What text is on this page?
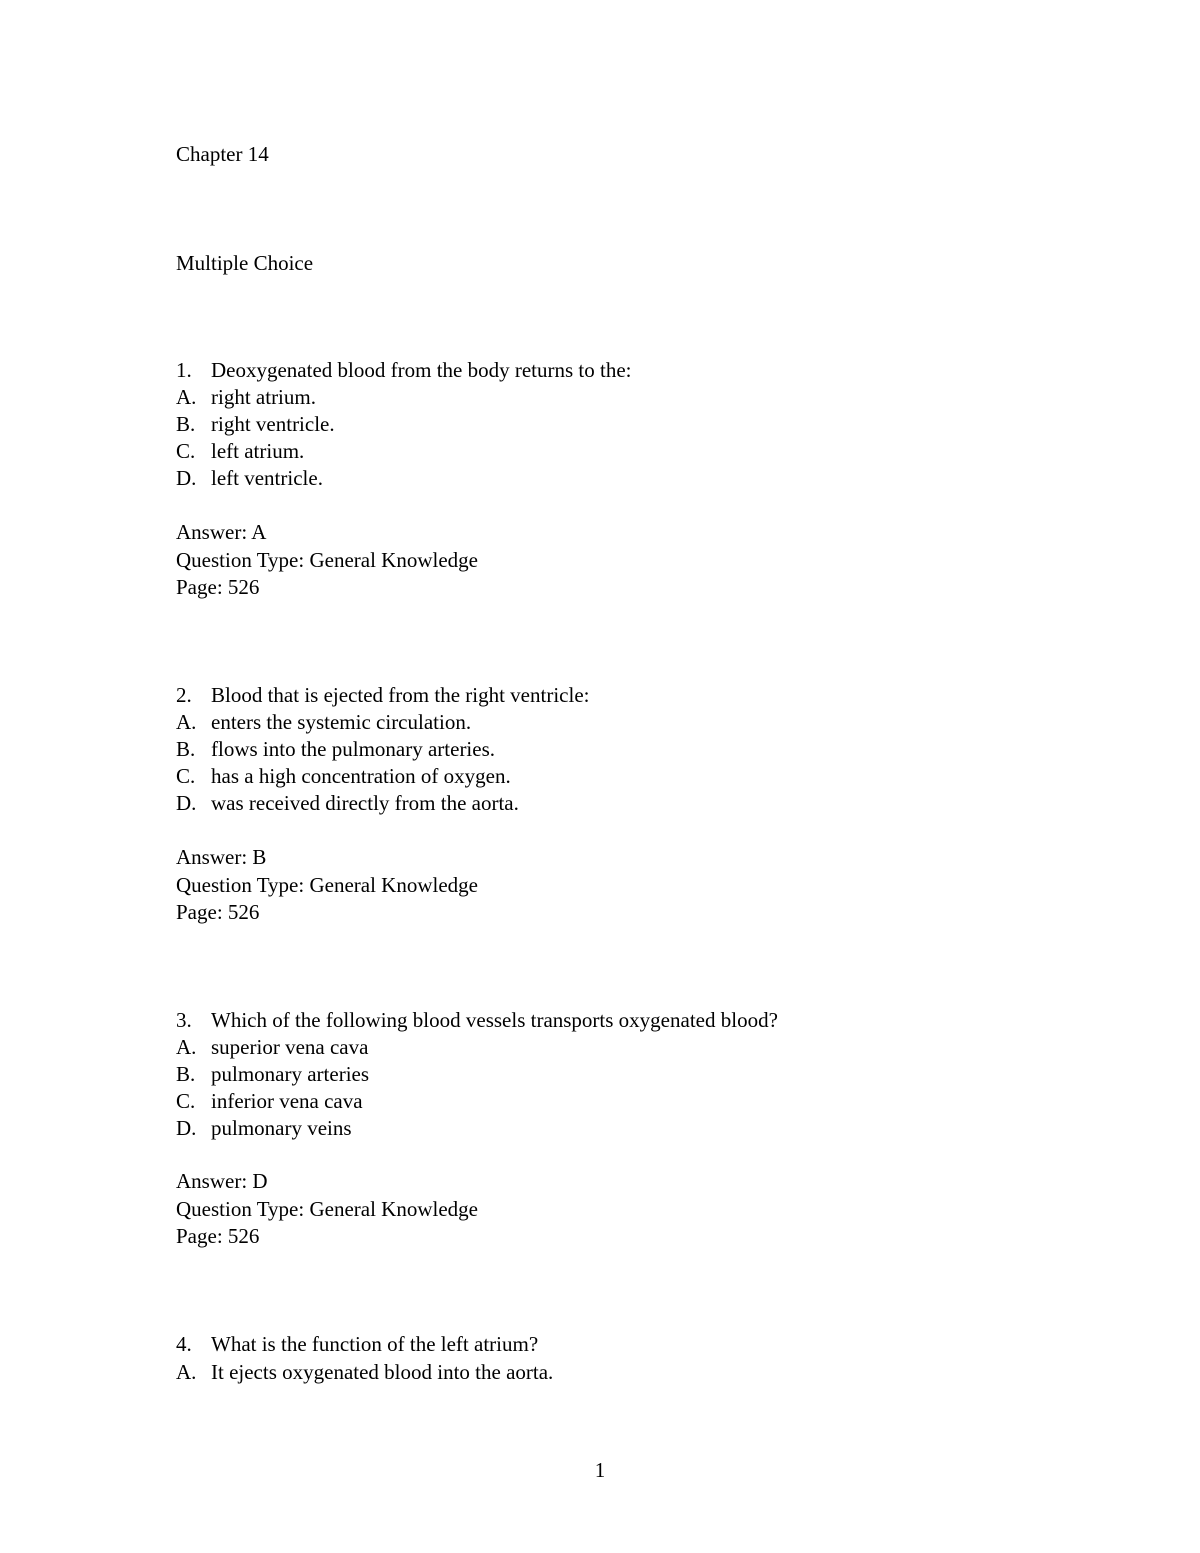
Chapter 14
Multiple Choice
1. Deoxygenated blood from the body returns to the:
A. right atrium.
B. right ventricle.
C. left atrium.
D. left ventricle.
Answer: A
Question Type: General Knowledge
Page: 526
2. Blood that is ejected from the right ventricle:
A. enters the systemic circulation.
B. flows into the pulmonary arteries.
C. has a high concentration of oxygen.
D. was received directly from the aorta.
Answer: B
Question Type: General Knowledge
Page: 526
3. Which of the following blood vessels transports oxygenated blood?
A. superior vena cava
B. pulmonary arteries
C. inferior vena cava
D. pulmonary veins
Answer: D
Question Type: General Knowledge
Page: 526
4. What is the function of the left atrium?
A. It ejects oxygenated blood into the aorta.
1
